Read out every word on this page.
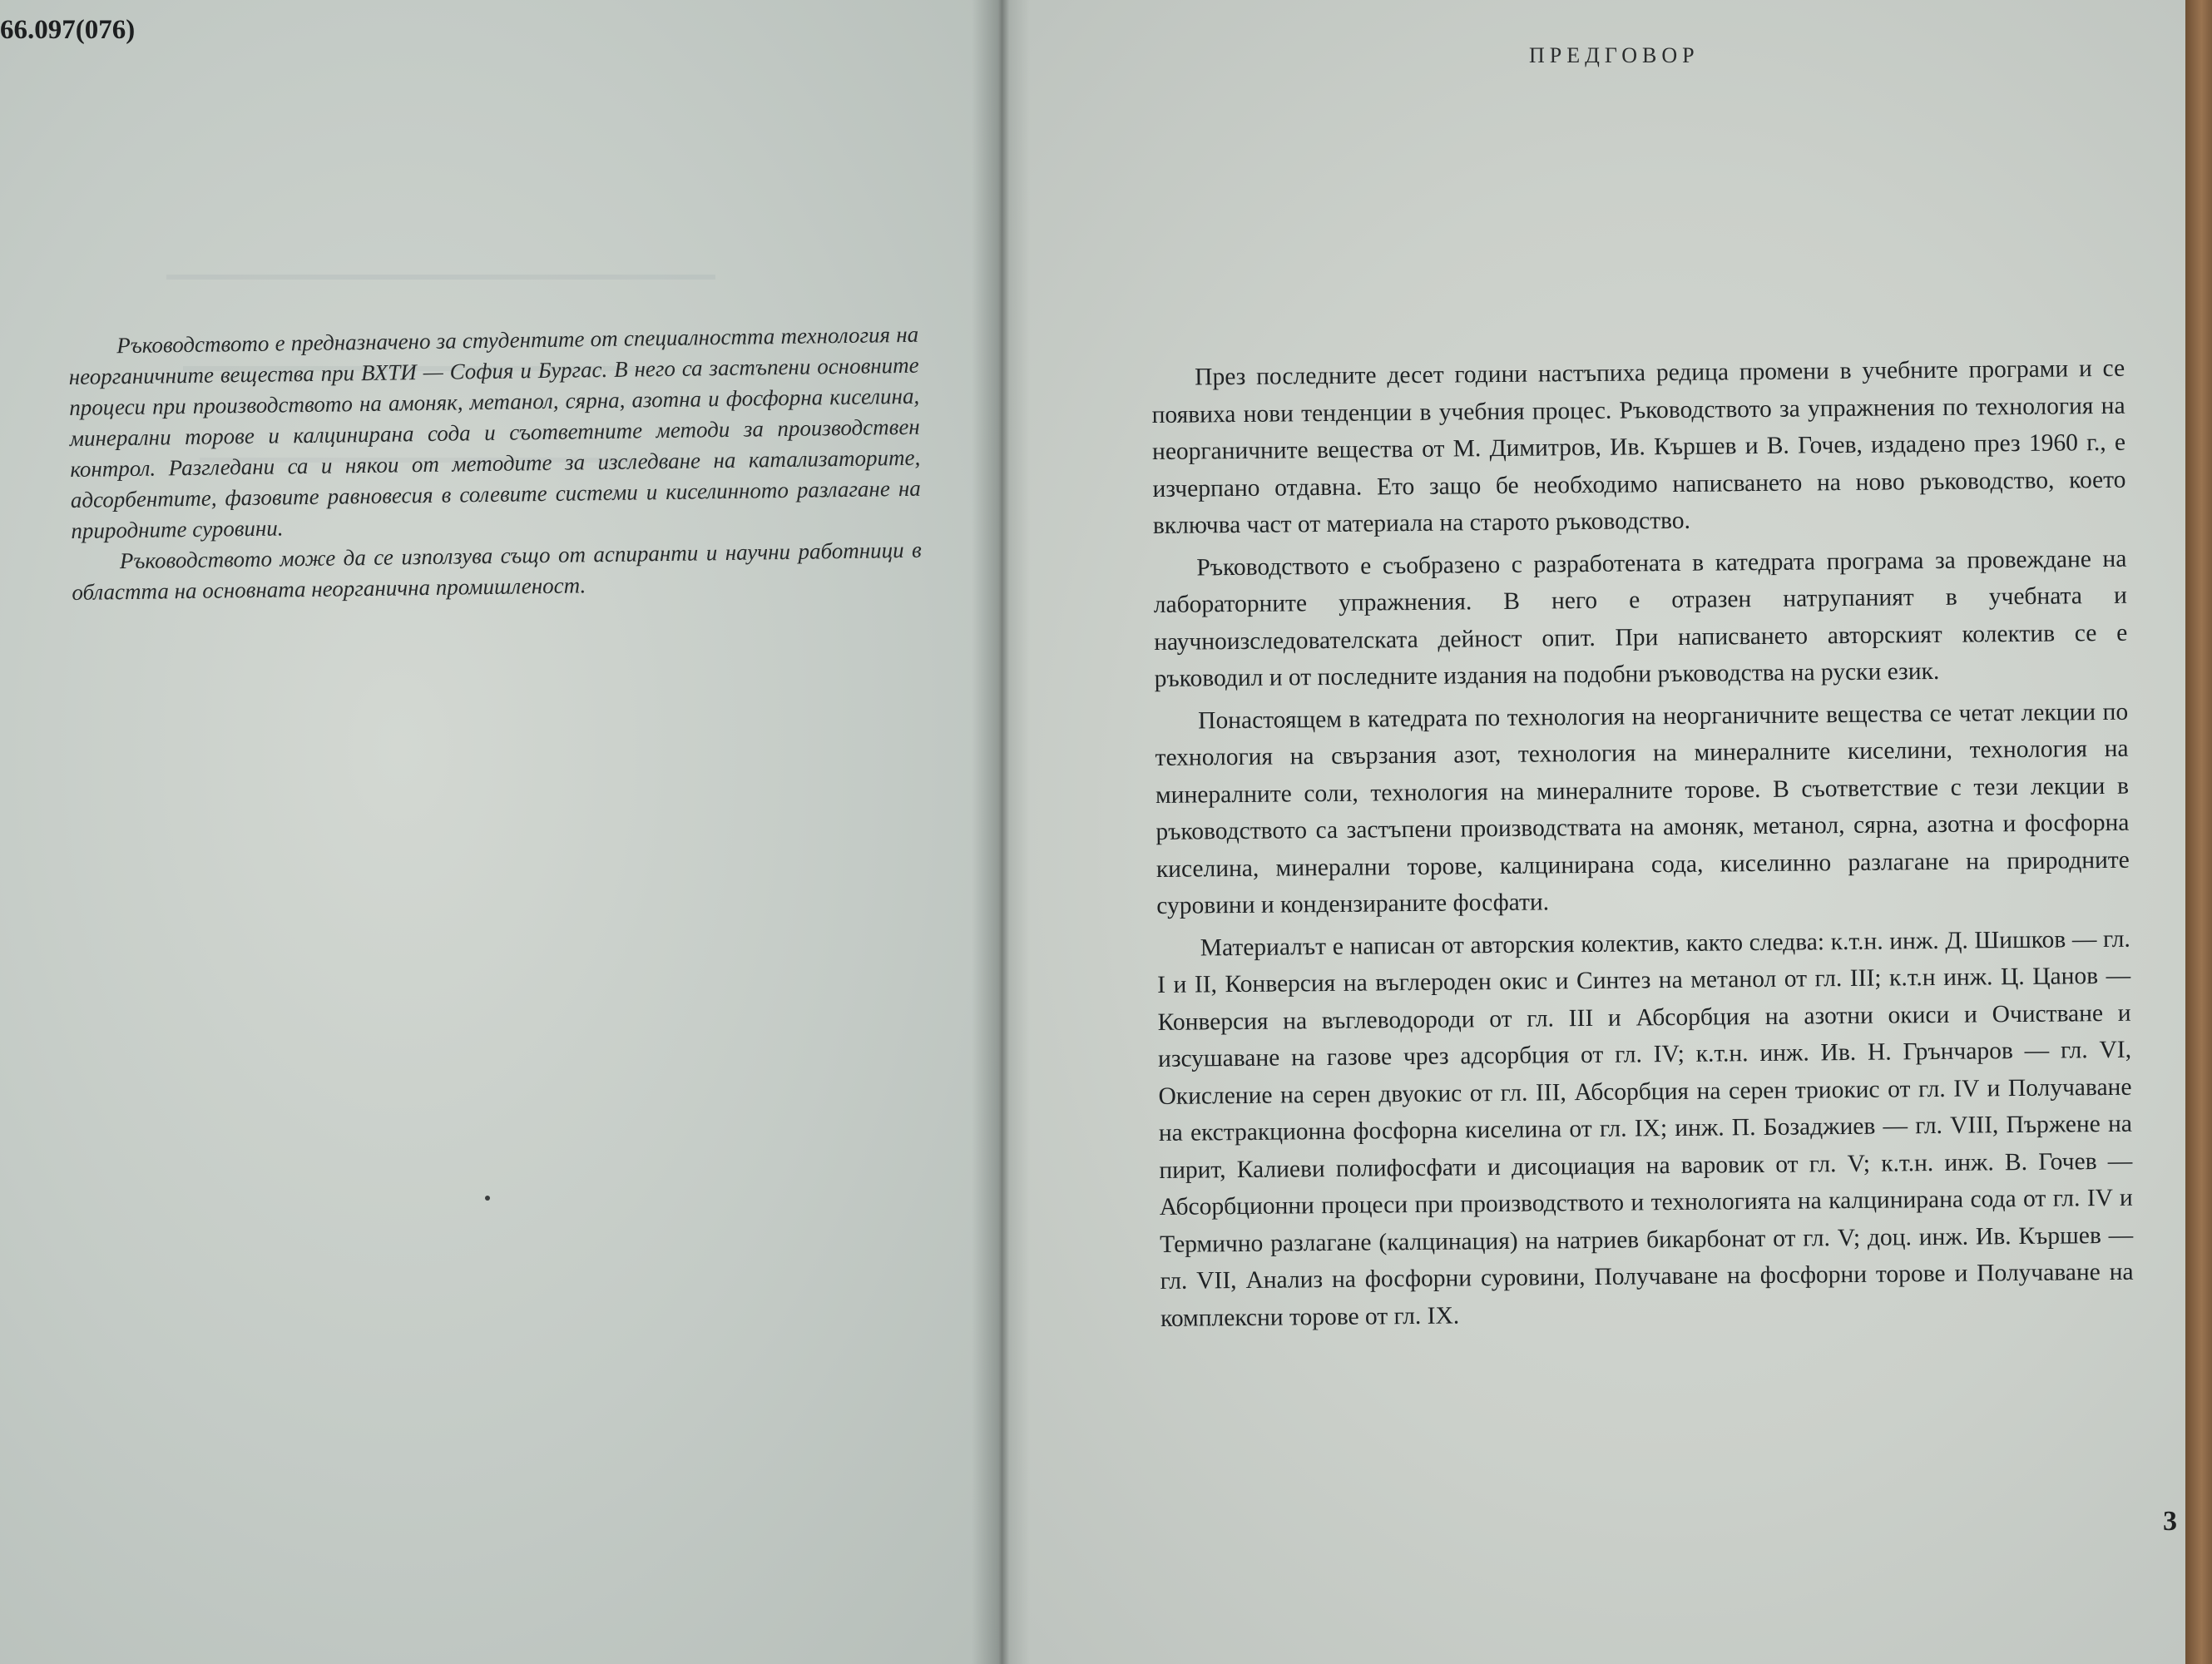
66.097(076)

Ръководството е предназначено за студентите от специалността технология на неорганичните вещества при ВХТИ — София и Бургас. В него са застъпени основните процеси при производството на амоняк, метанол, сярна, азотна и фосфорна киселина, минерални торове и калцинирана сода и съответните методи за производствен контрол. Разгледани са и някои от методите за изследване на катализаторите, адсорбентите, фазовите равновесия в солевите системи и киселинното разлагане на природните суровини.

Ръководството може да се използува също от аспиранти и научни работници в областта на основната неорганична промишленост.

ПРЕДГОВОР

През последните десет години настъпиха редица промени в учебните програми и се появиха нови тенденции в учебния процес. Ръководството за упражнения по технология на неорганичните вещества от М. Димитров, Ив. Кършев и В. Гочев, издадено през 1960 г., е изчерпано отдавна. Ето защо бе необходимо написването на ново ръководство, което включва част от материала на старото ръководство.

Ръководството е съобразено с разработената в катедрата програма за провеждане на лабораторните упражнения. В него е отразен натрупаният в учебната и научноизследователската дейност опит. При написването авторският колектив се е ръководил и от последните издания на подобни ръководства на руски език.

Понастоящем в катедрата по технология на неорганичните вещества се четат лекции по технология на свързания азот, технология на минералните киселини, технология на минералните соли, технология на минералните торове. В съответствие с тези лекции в ръководството са застъпени производствата на амоняк, метанол, сярна, азотна и фосфорна киселина, минерални торове, калцинирана сода, киселинно разлагане на природните суровини и кондензираните фосфати.

Материалът е написан от авторския колектив, както следва: к.т.н. инж. Д. Шишков — гл. I и II, Конверсия на въглероден окис и Синтез на метанол от гл. III; к.т.н инж. Ц. Цанов — Конверсия на въглеводороди от гл. III и Абсорбция на азотни окиси и Очистване и изсушаване на газове чрез адсорбция от гл. IV; к.т.н. инж. Ив. Н. Грънчаров — гл. VI, Окисление на серен двуокис от гл. III, Абсорбция на серен триокис от гл. IV и Получаване на екстракционна фосфорна киселина от гл. IX; инж. П. Бозаджиев — гл. VIII, Пържене на пирит, Калиеви полифосфати и дисоциация на варовик от гл. V; к.т.н. инж. В. Гочев — Абсорбционни процеси при производството и технологията на калцинирана сода от гл. IV и Термично разлагане (калцинация) на натриев бикарбонат от гл. V; доц. инж. Ив. Кършев — гл. VII, Анализ на фосфорни суровини, Получаване на фосфорни торове и Получаване на комплексни торове от гл. IX.

3
